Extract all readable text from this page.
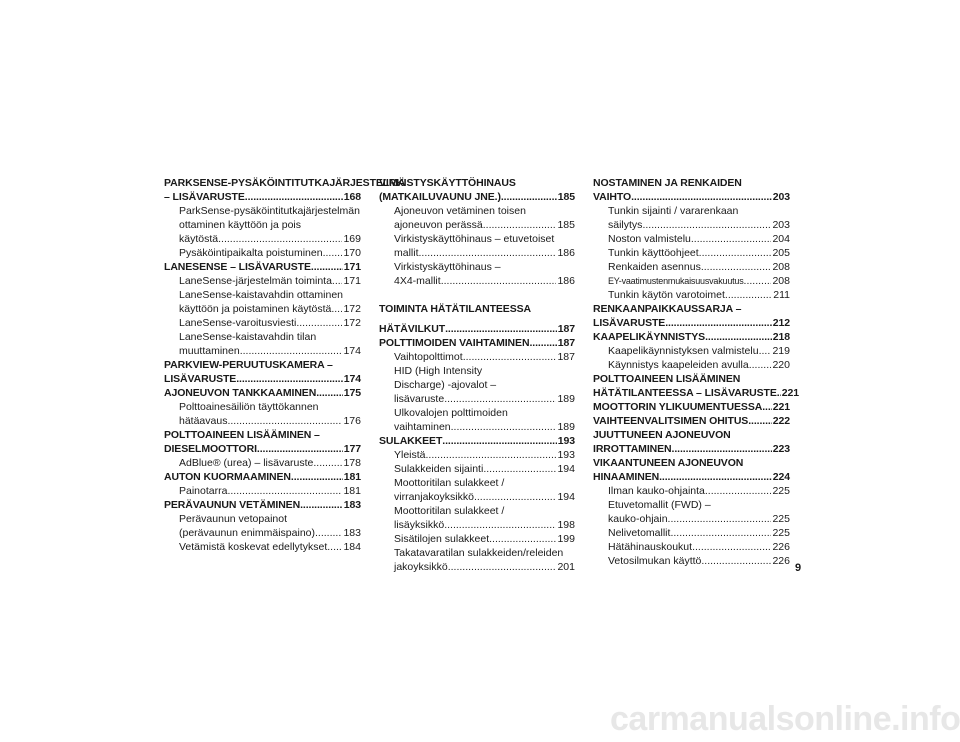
PARKSENSE-PYSÄKÖINTITUTKAJÄRJESTELMÄ
– LISÄVARUSTE .....	168
ParkSense-pysäköintitutkajärjestelmän
ottaminen käyttöön ja pois
käytöstä .....	169
Pysäköintipaikalta poistuminen ..... 170
LANESENSE – LISÄVARUSTE .....	171
LaneSense-järjestelmän toiminta ..... 171
LaneSense-kaistavahdin ottaminen
käyttöön ja poistaminen käytöstä ..... 172
LaneSense-varoitusviesti .....	172
LaneSense-kaistavahdin tilan
muuttaminen .....	174
PARKVIEW-PERUUTUSKAMERA –
LISÄVARUSTE .....	174
AJONEUVON TANKKAAMINEN .....	175
Polttoainesäiliön täyttökannen
hätäavaus .....	176
POLTTOAINEEN LISÄÄMINEN –
DIESELMOOTTORI .....	177
AdBlue® (urea) – lisävaruste .....	178
AUTON KUORMAAMINEN .....	181
Painotarra .....	181
PERÄVAUNUN VETÄMINEN .....	183
Perävaunun vetopainot
(perävaunun enimmäispaino) .....	183
Vetämistä koskevat edellytykset ..... 184
VIRKISTYSKÄYTTÖHINAUS
(MATKAILUVAUNU JNE.) .....	185
Ajoneuvon vetäminen toisen
ajoneuvon perässä .....	185
Virkistyskäyttöhinaus – etuvetoiset
mallit .....	186
Virkistyskäyttöhinaus –
4X4-mallit .....	186
TOIMINTA HÄTÄTILANTEESSA
HÄTÄVILKUT .....	187
POLTTIMOIDEN VAIHTAMINEN .....	187
Vaihtopolttimot .....	187
HID (High Intensity
Discharge) -ajovalot –
lisävaruste .....	189
Ulkovalojen polttimoiden
vaihtaminen .....	189
SULAKKEET .....	193
Yleistä .....	193
Sulakkeiden sijainti .....	194
Moottoritilan sulakkeet /
virranjakoyksikkö .....	194
Moottoritilan sulakkeet /
lisäyksikkö .....	198
Sisätilojen sulakkeet .....	199
Takatavaratilan sulakkeiden/releiden
jakoyksikkö .....	201
NOSTAMINEN JA RENKAIDEN
VAIHTO .....	203
Tunkin sijainti / vararenkaan
säilytys .....	203
Noston valmistelu .....	204
Tunkin käyttöohjeet .....	205
Renkaiden asennus .....	208
EY-vaatimustenmukaisuusvakuutus .....	208
Tunkin käytön varotoimet .....	211
RENKAANPAIKKAUSSARJA –
LISÄVARUSTE .....	212
KAAPELIKÄYNNISTYS .....	218
Kaapelikäynnistyksen valmistelu ..... 219
Käynnistys kaapeleiden avulla ..... 220
POLTTOAINEEN LISÄÄMINEN
HÄTÄTILANTEESSA – LISÄVARUSTE ..... 221
MOOTTORIN YLIKUUMENTUESSA ..... 221
VAIHTEENVALITSIMEN OHITUS ..... 222
JUUTTUNEEN AJONEUVON
IRROTTAMINEN .....	223
VIKAANTUNEEN AJONEUVON
HINAAMINEN .....	224
Ilman kauko-ohjainta .....	225
Etuvetomallit (FWD) –
kauko-ohjain .....	225
Nelivetomallit .....	225
Hätähinauskoukut .....	226
Vetosilmukan käyttö .....	226
9
carmanualsonline.info
